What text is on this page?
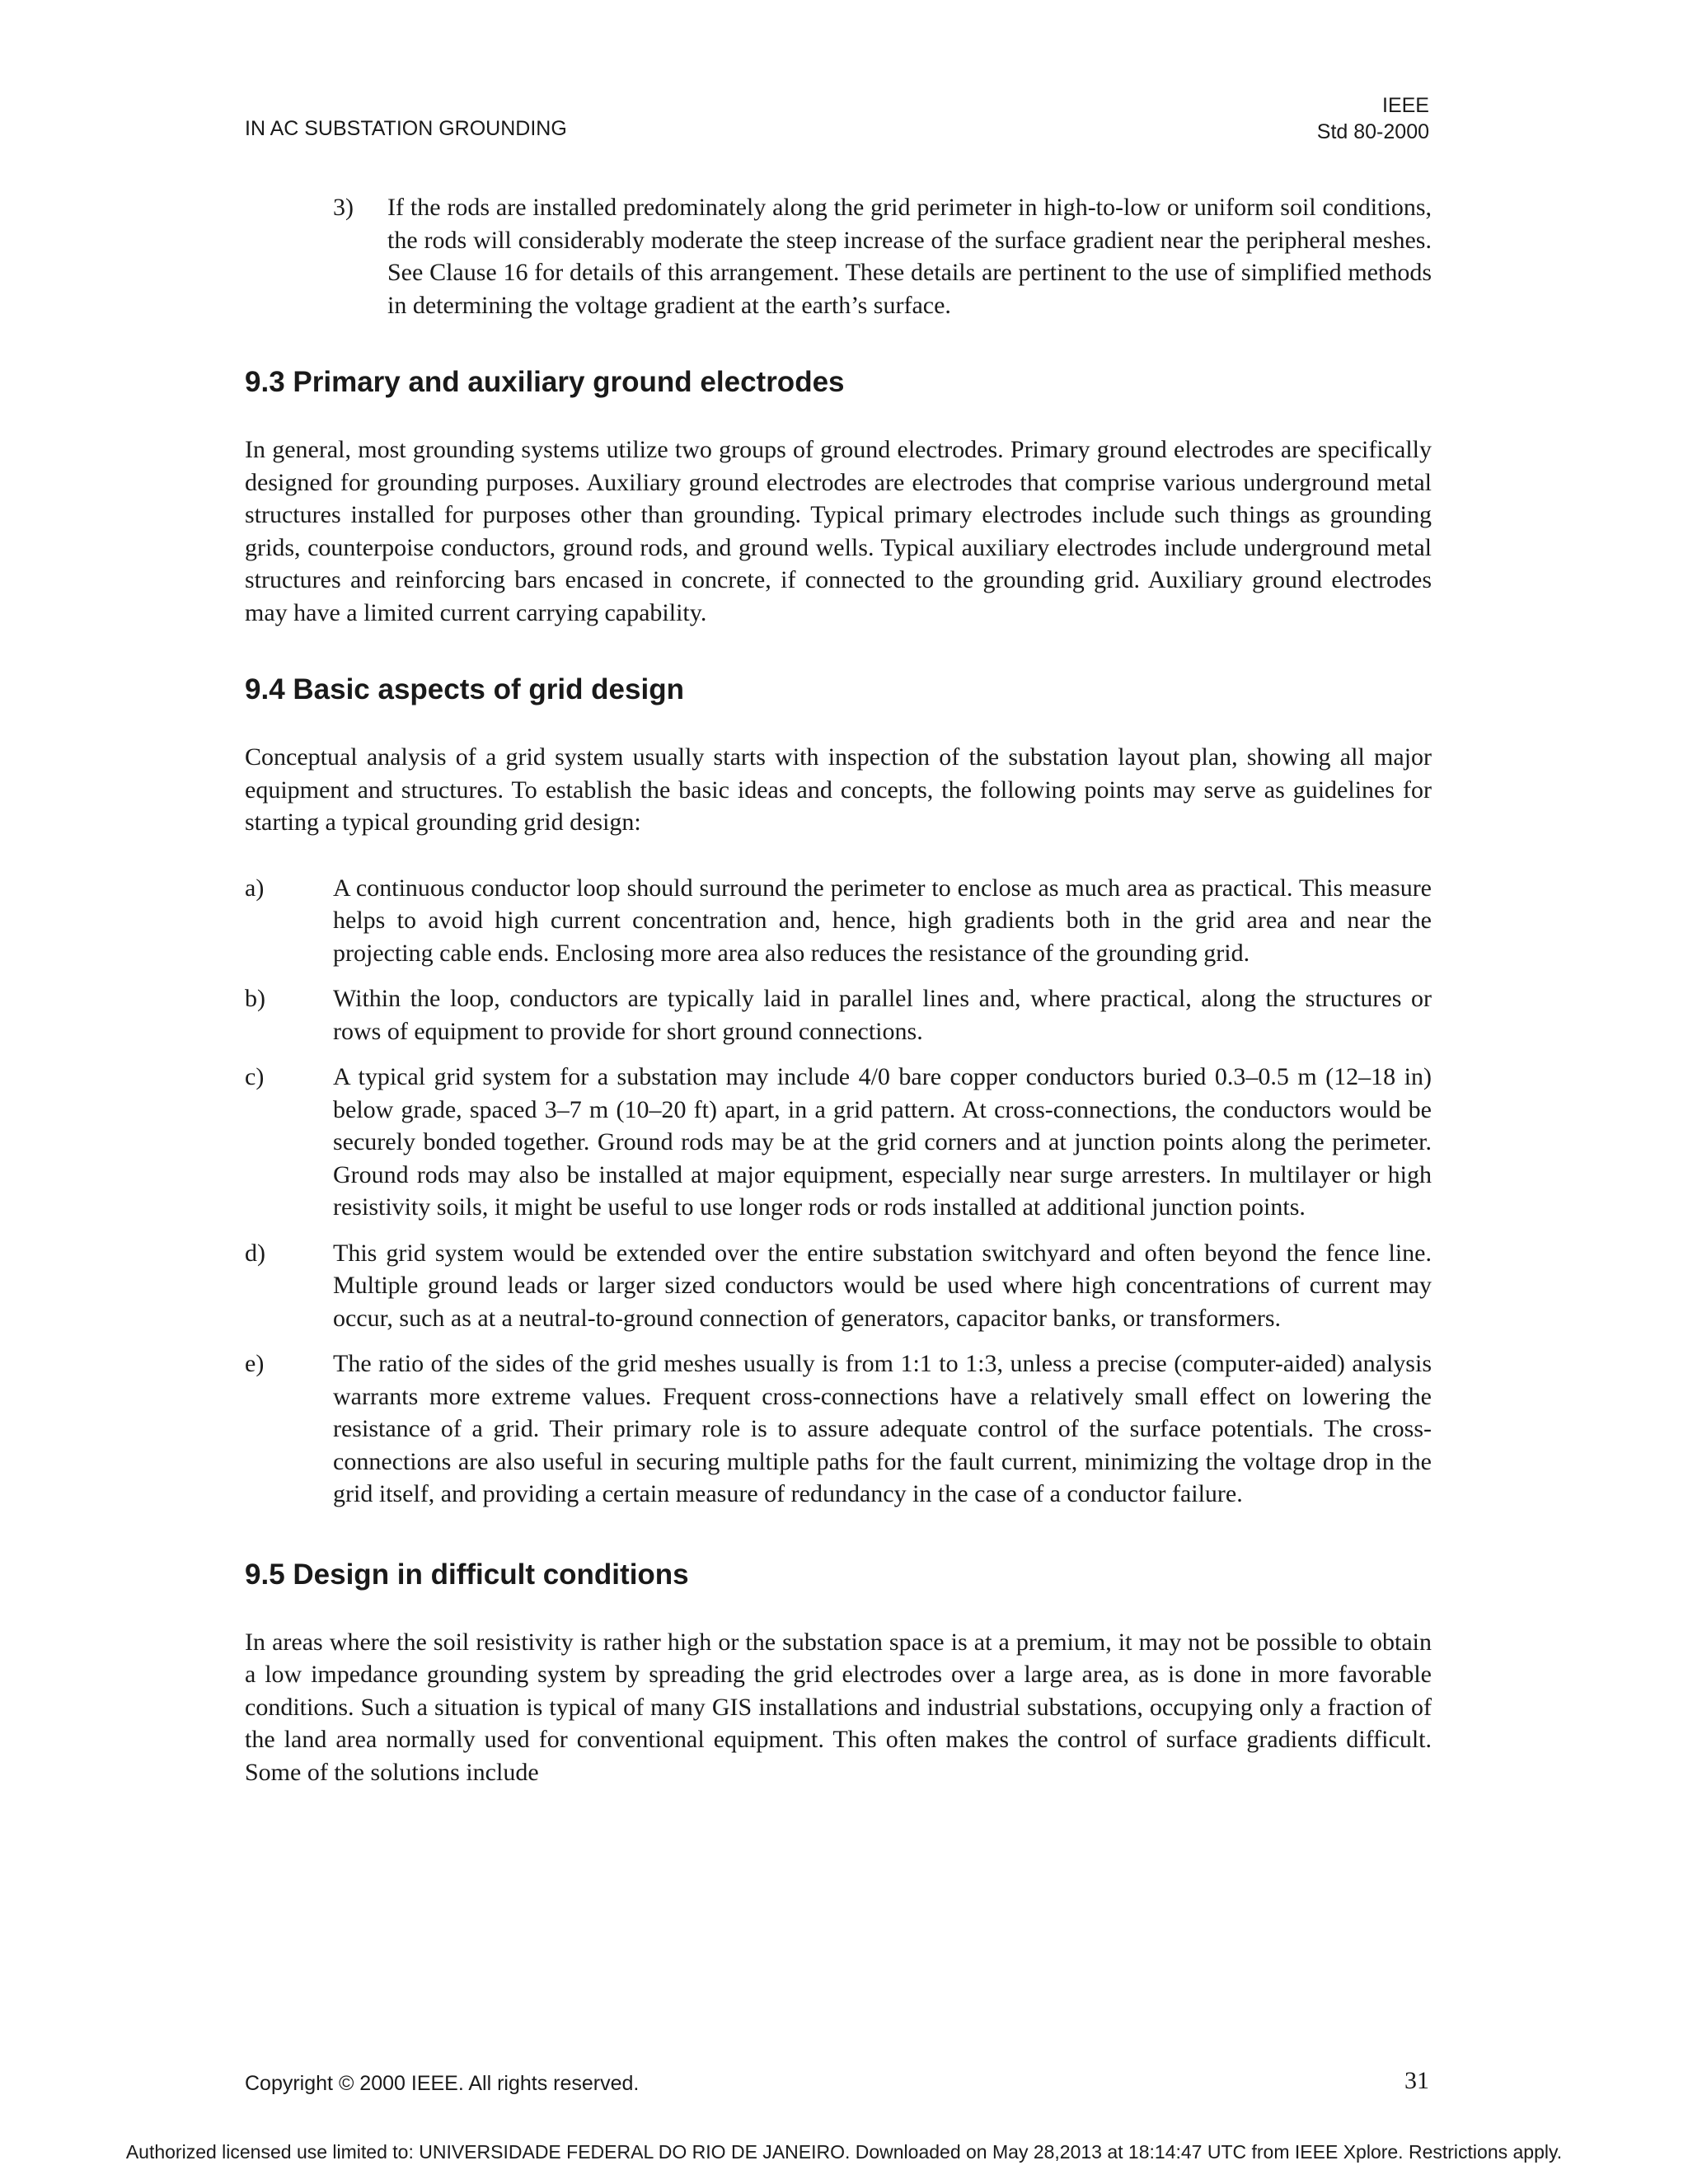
IN AC SUBSTATION GROUNDING
IEEE
Std 80-2000
3)	If the rods are installed predominately along the grid perimeter in high-to-low or uniform soil conditions, the rods will considerably moderate the steep increase of the surface gradient near the peripheral meshes. See Clause 16 for details of this arrangement. These details are pertinent to the use of simplified methods in determining the voltage gradient at the earth’s surface.
9.3 Primary and auxiliary ground electrodes

In general, most grounding systems utilize two groups of ground electrodes. Primary ground electrodes are specifically designed for grounding purposes. Auxiliary ground electrodes are electrodes that comprise various underground metal structures installed for purposes other than grounding. Typical primary electrodes include such things as grounding grids, counterpoise conductors, ground rods, and ground wells. Typical auxiliary electrodes include underground metal structures and reinforcing bars encased in concrete, if connected to the grounding grid. Auxiliary ground electrodes may have a limited current carrying capability.

9.4 Basic aspects of grid design

Conceptual analysis of a grid system usually starts with inspection of the substation layout plan, showing all major equipment and structures. To establish the basic ideas and concepts, the following points may serve as guidelines for starting a typical grounding grid design:

a)	A continuous conductor loop should surround the perimeter to enclose as much area as practical. This measure helps to avoid high current concentration and, hence, high gradients both in the grid area and near the projecting cable ends. Enclosing more area also reduces the resistance of the grounding grid.
b)	Within the loop, conductors are typically laid in parallel lines and, where practical, along the structures or rows of equipment to provide for short ground connections.
c)	A typical grid system for a substation may include 4/0 bare copper conductors buried 0.3–0.5 m (12–18 in) below grade, spaced 3–7 m (10–20 ft) apart, in a grid pattern. At cross-connections, the conductors would be securely bonded together. Ground rods may be at the grid corners and at junction points along the perimeter. Ground rods may also be installed at major equipment, especially near surge arresters. In multilayer or high resistivity soils, it might be useful to use longer rods or rods installed at additional junction points.
d)	This grid system would be extended over the entire substation switchyard and often beyond the fence line. Multiple ground leads or larger sized conductors would be used where high concentrations of current may occur, such as at a neutral-to-ground connection of generators, capacitor banks, or transformers.
e)	The ratio of the sides of the grid meshes usually is from 1:1 to 1:3, unless a precise (computer-aided) analysis warrants more extreme values. Frequent cross-connections have a relatively small effect on lowering the resistance of a grid. Their primary role is to assure adequate control of the surface potentials. The cross-connections are also useful in securing multiple paths for the fault current, minimizing the voltage drop in the grid itself, and providing a certain measure of redundancy in the case of a conductor failure.
9.5 Design in difficult conditions

In areas where the soil resistivity is rather high or the substation space is at a premium, it may not be possible to obtain a low impedance grounding system by spreading the grid electrodes over a large area, as is done in more favorable conditions. Such a situation is typical of many GIS installations and industrial substations, occupying only a fraction of the land area normally used for conventional equipment. This often makes the control of surface gradients difficult. Some of the solutions include

Copyright © 2000 IEEE. All rights reserved.	31
Authorized licensed use limited to: UNIVERSIDADE FEDERAL DO RIO DE JANEIRO. Downloaded on May 28,2013 at 18:14:47 UTC from IEEE Xplore. Restrictions apply.
